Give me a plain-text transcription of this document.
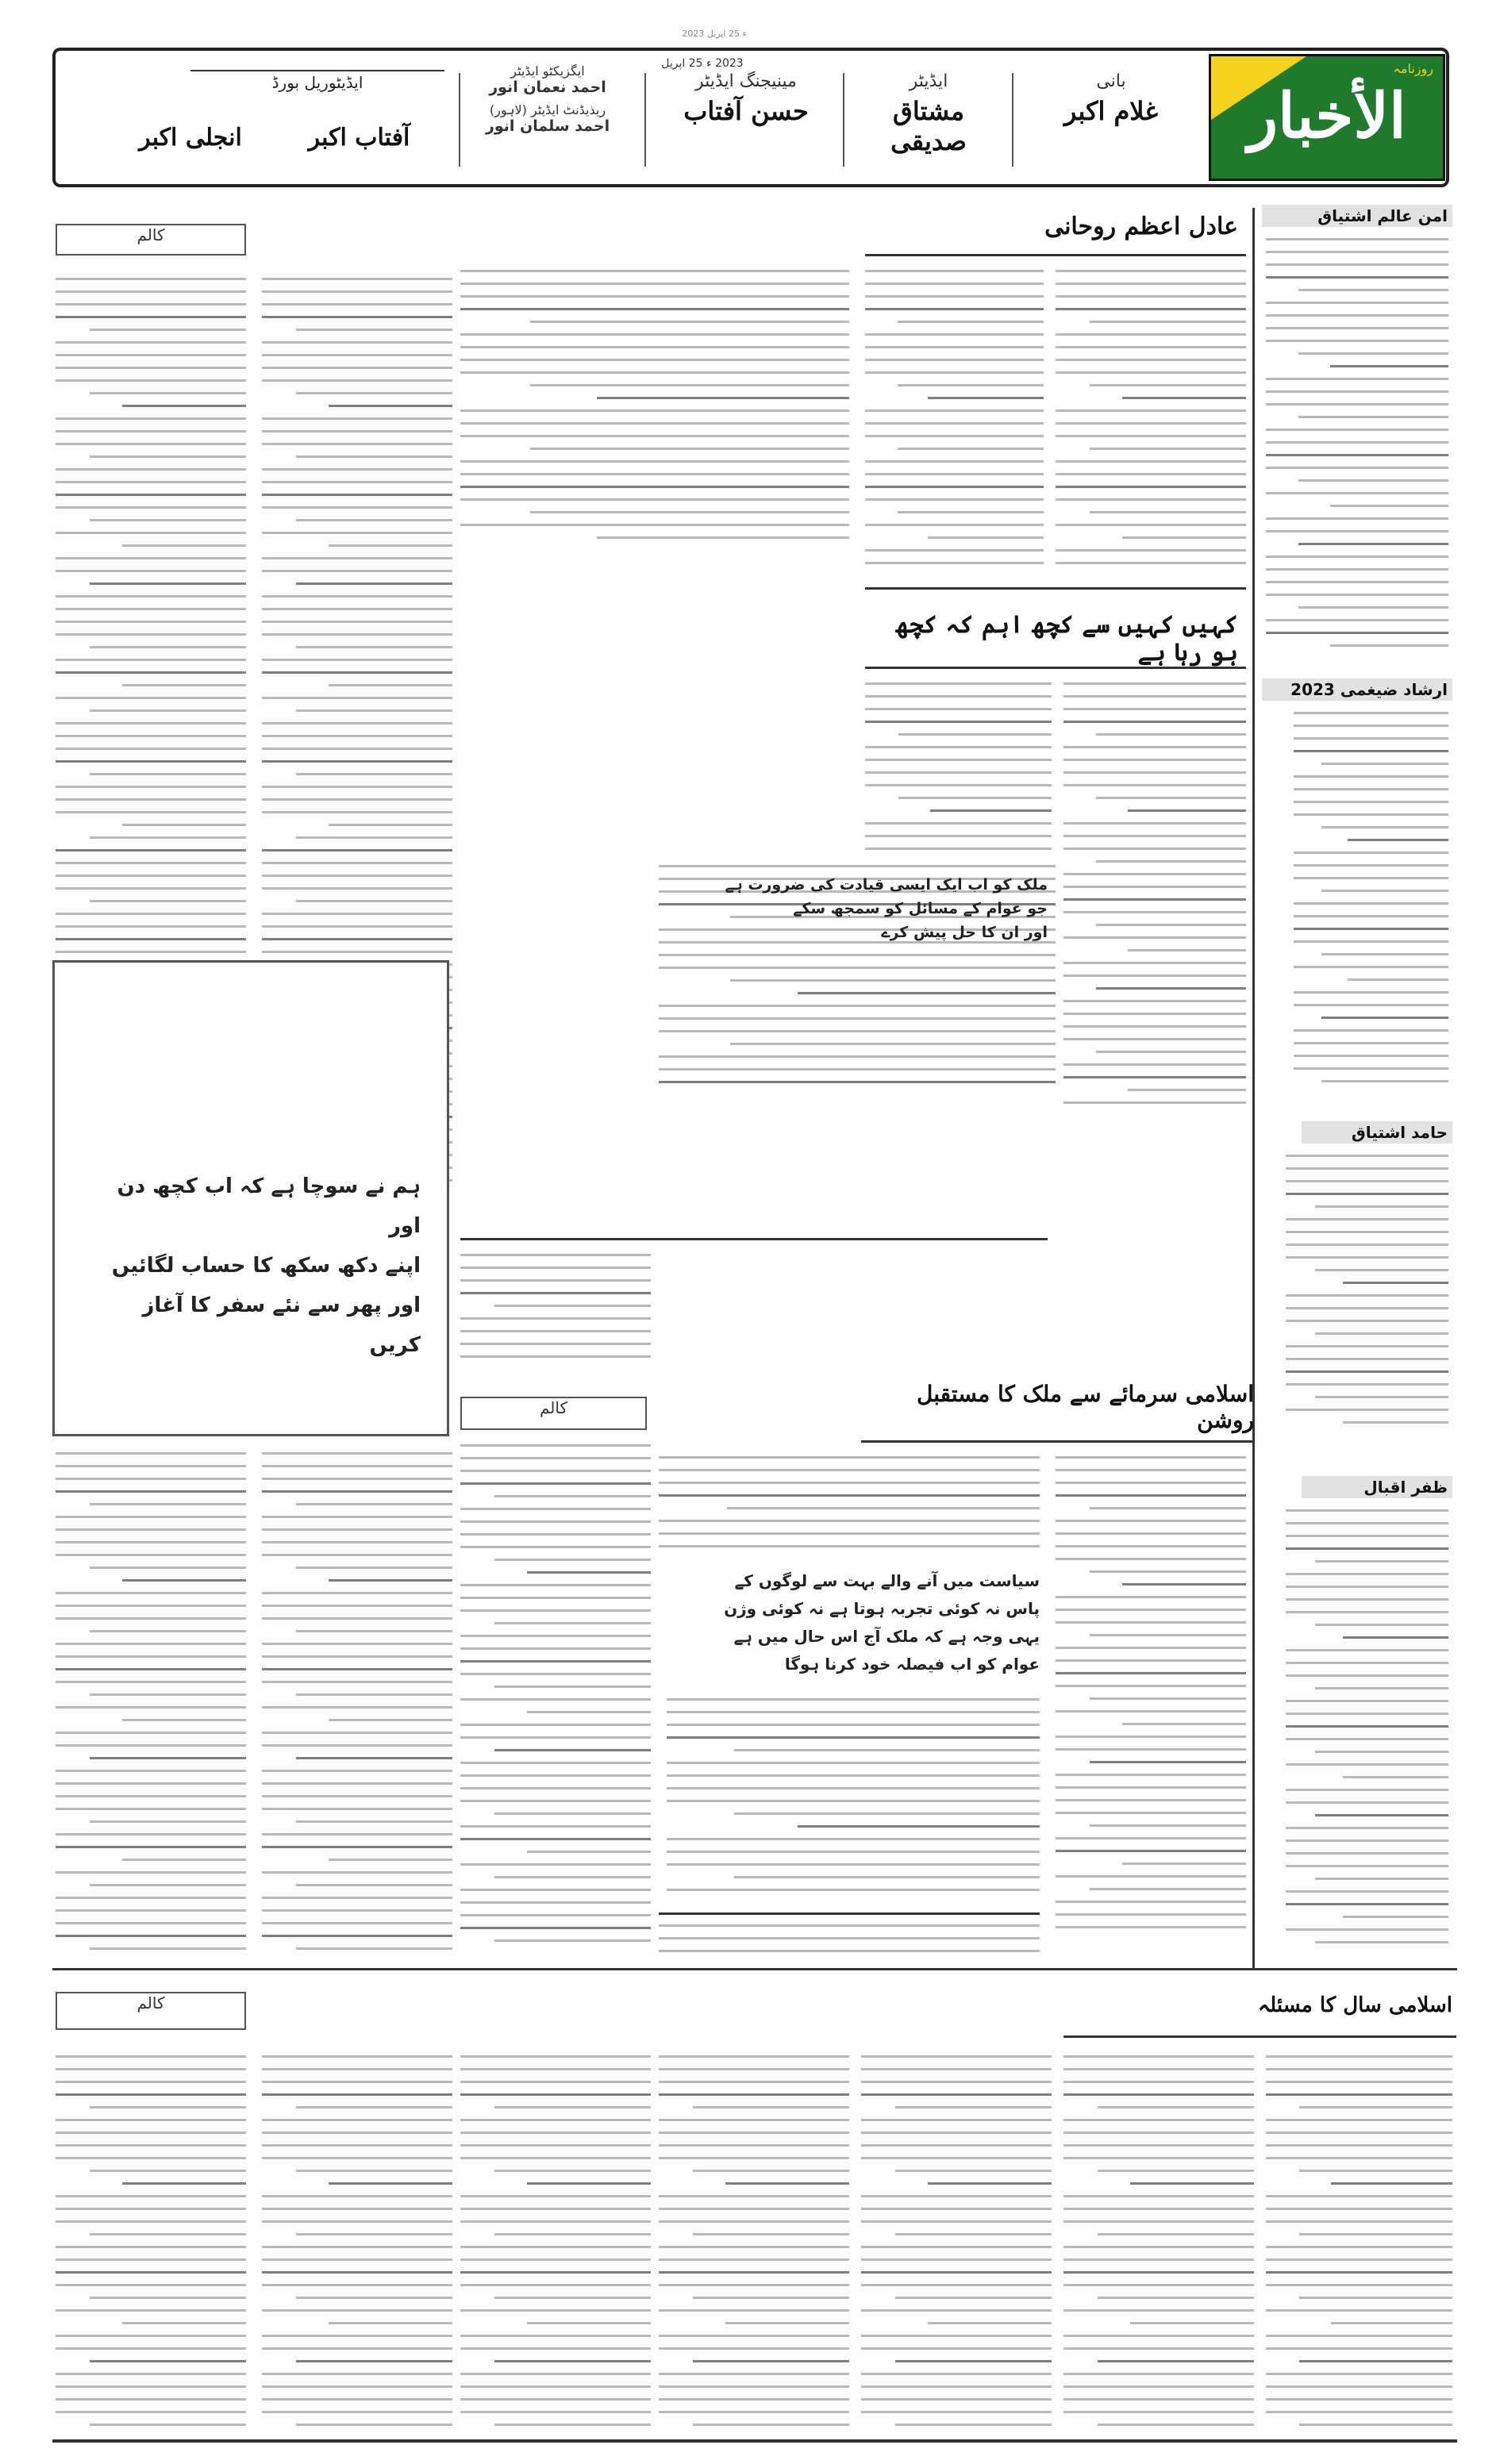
2023 ء 25 اپریل
روزنامہ
الأخبار
بانی
غلام اکبر
ایڈیٹر
مشتاق صدیقی
مینیجنگ ایڈیٹر
حسن آفتاب
2023 ء 25 اپریل
ایگزیکٹو ایڈیٹر
احمد نعمان انور
ریذیڈنٹ ایڈیٹر (لاہور)
احمد سلمان انور
ایڈیٹوریل بورڈ
آفتاب اکبر
انجلی اکبر
امن عالم اشتیاق
ارشاد ضیغمی 2023
حامد اشتیاق
ظفر اقبال
عادل اعظم روحانی
کہیں کہیں سے کچھ اہم کہ کچھ ہو رہا ہے
اسلامی سرمائے سے ملک کا مستقبل روشن
سیاست میں آنے والے بہت سے لوگوں کے
پاس نہ کوئی تجربہ ہوتا ہے نہ کوئی وژن
یہی وجہ ہے کہ ملک آج اس حال میں ہے
عوام کو اب فیصلہ خود کرنا ہوگا
ملک کو اب ایک ایسی قیادت کی ضرورت ہے
جو عوام کے مسائل کو سمجھ سکے
اور ان کا حل پیش کرے
کالم
ہم نے سوچا ہے کہ اب کچھ دن اور
اپنے دکھ سکھ کا حساب لگائیں
اور پھر سے نئے سفر کا آغاز کریں
کالم
کالم	اسلامی سال کا مسئلہ
